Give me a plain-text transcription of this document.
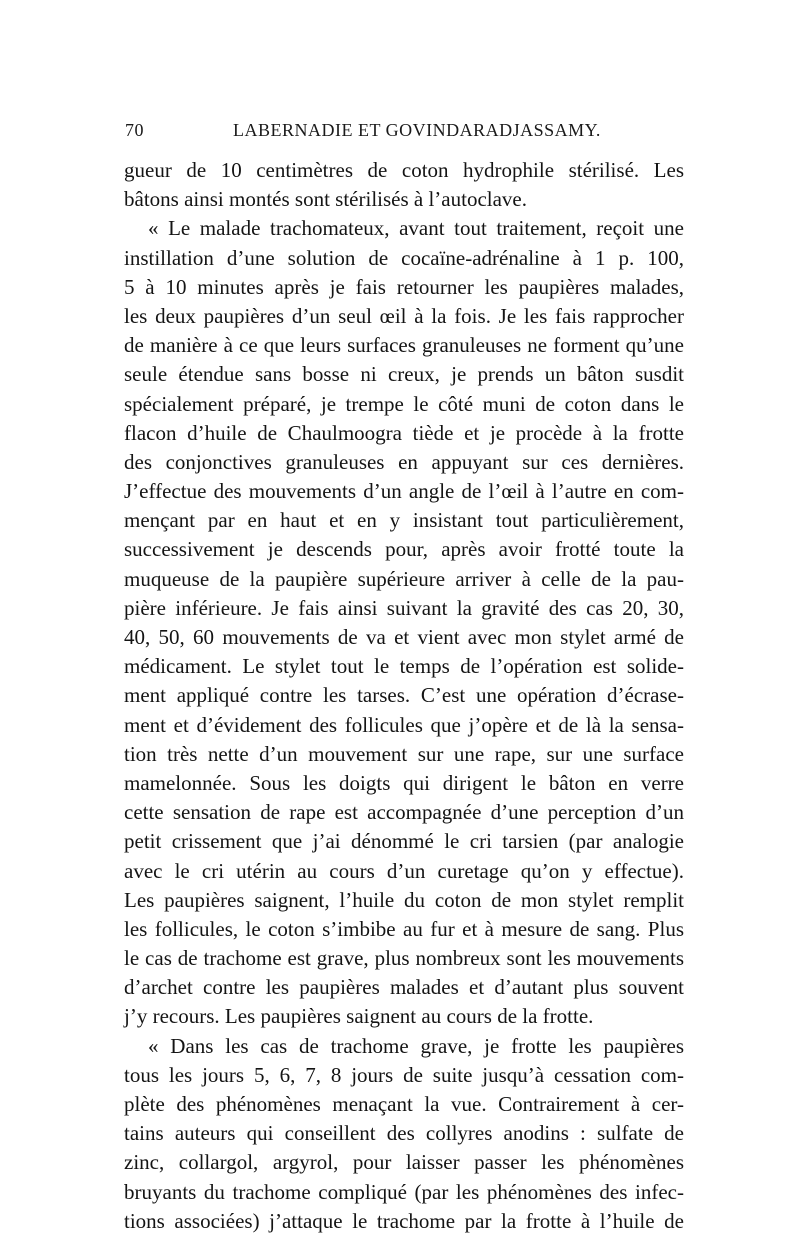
70	LABERNADIE ET GOVINDARADJASSAMY.
gueur de 10 centimètres de coton hydrophile stérilisé. Les
bâtons ainsi montés sont stérilisés à l’autoclave.
« Le malade trachomateux, avant tout traitement, reçoit une
instillation d’une solution de cocaïne-adrénaline à 1 p. 100,
5 à 10 minutes après je fais retourner les paupières malades,
les deux paupières d’un seul œil à la fois. Je les fais rapprocher
de manière à ce que leurs surfaces granuleuses ne forment qu’une
seule étendue sans bosse ni creux, je prends un bâton susdit
spécialement préparé, je trempe le côté muni de coton dans le
flacon d’huile de Chaulmoogra tiède et je procède à la frotte
des conjonctives granuleuses en appuyant sur ces dernières.
J’effectue des mouvements d’un angle de l’œil à l’autre en com-
mençant par en haut et en y insistant tout particulièrement,
successivement je descends pour, après avoir frotté toute la
muqueuse de la paupière supérieure arriver à celle de la pau-
pière inférieure. Je fais ainsi suivant la gravité des cas 20, 30,
40, 50, 60 mouvements de va et vient avec mon stylet armé de
médicament. Le stylet tout le temps de l’opération est solide-
ment appliqué contre les tarses. C’est une opération d’écrase-
ment et d’évidement des follicules que j’opère et de là la sensa-
tion très nette d’un mouvement sur une rape, sur une surface
mamelonnée. Sous les doigts qui dirigent le bâton en verre
cette sensation de rape est accompagnée d’une perception d’un
petit crissement que j’ai dénommé le cri tarsien (par analogie
avec le cri utérin au cours d’un curetage qu’on y effectue).
Les paupières saignent, l’huile du coton de mon stylet remplit
les follicules, le coton s’imbibe au fur et à mesure de sang. Plus
le cas de trachome est grave, plus nombreux sont les mouvements
d’archet contre les paupières malades et d’autant plus souvent
j’y recours. Les paupières saignent au cours de la frotte.
« Dans les cas de trachome grave, je frotte les paupières
tous les jours 5, 6, 7, 8 jours de suite jusqu’à cessation com-
plète des phénomènes menaçant la vue. Contrairement à cer-
tains auteurs qui conseillent des collyres anodins : sulfate de
zinc, collargol, argyrol, pour laisser passer les phénomènes
bruyants du trachome compliqué (par les phénomènes des infec-
tions associées) j’attaque le trachome par la frotte à l’huile de
